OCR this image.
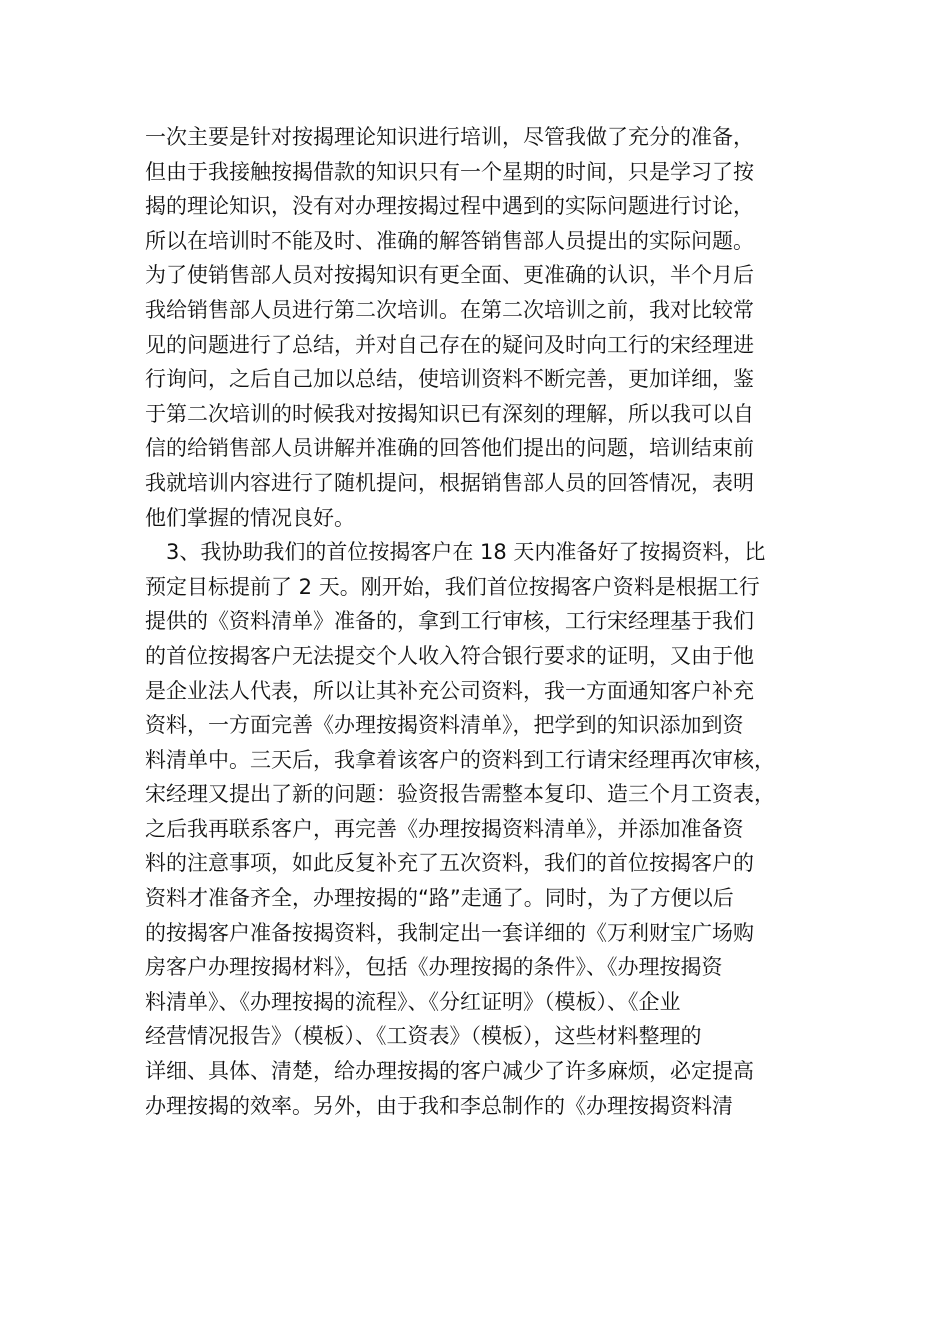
一次主要是针对按揭理论知识进行培训，尽管我做了充分的准备，
但由于我接触按揭借款的知识只有一个星期的时间，只是学习了按
揭的理论知识，没有对办理按揭过程中遇到的实际问题进行讨论，
所以在培训时不能及时、准确的解答销售部人员提出的实际问题。
为了使销售部人员对按揭知识有更全面、更准确的认识，半个月后
我给销售部人员进行第二次培训。在第二次培训之前，我对比较常
见的问题进行了总结，并对自己存在的疑问及时向工行的宋经理进
行询问，之后自己加以总结，使培训资料不断完善，更加详细，鉴
于第二次培训的时候我对按揭知识已有深刻的理解，所以我可以自
信的给销售部人员讲解并准确的回答他们提出的问题，培训结束前
我就培训内容进行了随机提问，根据销售部人员的回答情况，表明
他们掌握的情况良好。
　3、我协助我们的首位按揭客户在 18 天内准备好了按揭资料，比
预定目标提前了 2 天。刚开始，我们首位按揭客户资料是根据工行
提供的《资料清单》准备的，拿到工行审核，工行宋经理基于我们
的首位按揭客户无法提交个人收入符合银行要求的证明，又由于他
是企业法人代表，所以让其补充公司资料，我一方面通知客户补充
资料，一方面完善《办理按揭资料清单》，把学到的知识添加到资
料清单中。三天后，我拿着该客户的资料到工行请宋经理再次审核，
宋经理又提出了新的问题：验资报告需整本复印、造三个月工资表，
之后我再联系客户，再完善《办理按揭资料清单》，并添加准备资
料的注意事项，如此反复补充了五次资料，我们的首位按揭客户的
资料才准备齐全，办理按揭的“路”走通了。同时，为了方便以后
的按揭客户准备按揭资料，我制定出一套详细的《万利财宝广场购
房客户办理按揭材料》，包括《办理按揭的条件》、《办理按揭资
料清单》、《办理按揭的流程》、《分红证明》（模板）、《企业
经营情况报告》（模板）、《工资表》（模板），这些材料整理的
详细、具体、清楚，给办理按揭的客户减少了许多麻烦，必定提高
办理按揭的效率。另外，由于我和李总制作的《办理按揭资料清
